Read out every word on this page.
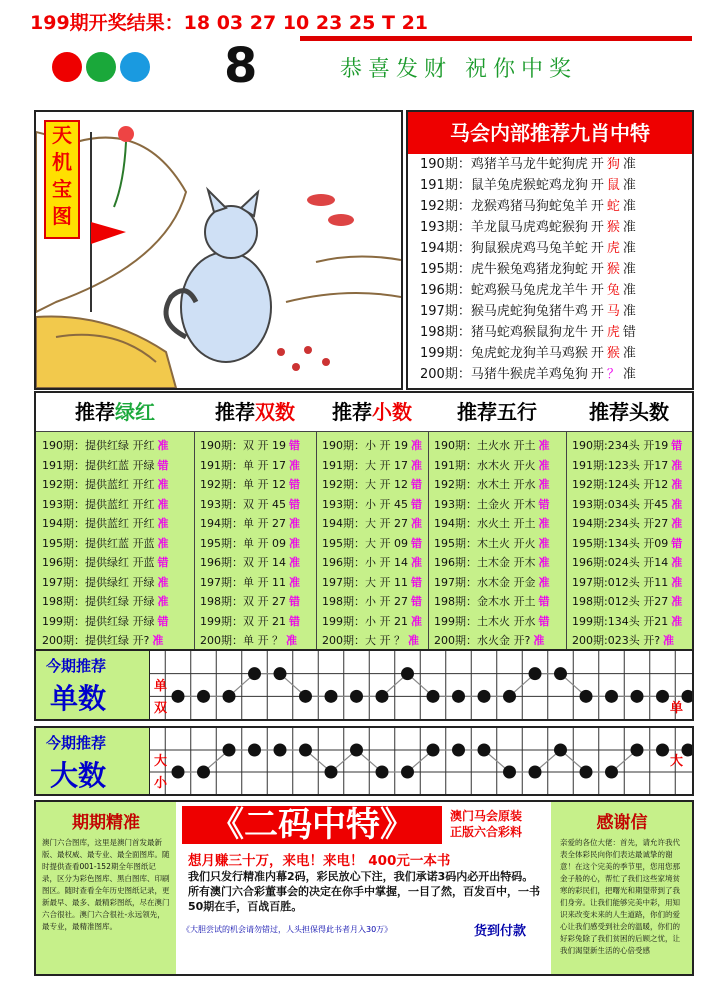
199期开奖结果：18 03 27 10 23 25 T 21
8	恭喜发财 祝你中奖
天机宝图
马会内部推荐九肖中特
190期：鸡猪羊马龙牛蛇狗虎 开 狗 准
191期：鼠羊兔虎猴蛇鸡龙狗 开 鼠 准
192期：龙猴鸡猪马狗蛇兔羊 开 蛇 准
193期：羊龙鼠马虎鸡蛇猴狗 开 猴 准
194期：狗鼠猴虎鸡马兔羊蛇 开 虎 准
195期：虎牛猴兔鸡猪龙狗蛇 开 猴 准
196期：蛇鸡猴马兔虎龙羊牛 开 兔 准
197期：猴马虎蛇狗兔猪牛鸡 开 马 准
198期：猪马蛇鸡猴鼠狗龙牛 开 虎 错
199期：兔虎蛇龙狗羊马鸡猴 开 猴 准
200期：马猪牛猴虎羊鸡兔狗 开 ？ 准
推荐绿红
190期：提供红绿 开红 准
191期：提供红蓝 开绿 错
192期：提供蓝红 开红 准
193期：提供蓝红 开红 准
194期：提供蓝红 开红 准
195期：提供红蓝 开蓝 准
196期：提供绿红 开蓝 错
197期：提供绿红 开绿 准
198期：提供红绿 开绿 准
199期：提供红绿 开绿 错
200期：提供红绿 开? 准
推荐双数
190期：双 开 19 错
191期：单 开 17 准
192期：单 开 12 错
193期：双 开 45 错
194期：单 开 27 准
195期：单 开 09 准
196期：双 开 14 准
197期：单 开 11 准
198期：双 开 27 错
199期：双 开 21 错
200期：单 开 ？ 准
推荐小数
190期：小 开 19 准
191期：大 开 17 准
192期：大 开 12 错
193期：小 开 45 错
194期：大 开 27 准
195期：大 开 09 错
196期：小 开 14 准
197期：大 开 11 错
198期：小 开 27 错
199期：小 开 21 准
200期：大 开 ？ 准
推荐五行
190期：土火水 开土 准
191期：水木火 开火 准
192期：水木土 开水 准
193期：土金火 开木 错
194期：水火土 开土 准
195期：木土火 开火 准
196期：土木金 开木 准
197期：水木金 开金 准
198期：金木水 开土 错
199期：土木火 开水 错
200期：水火金 开? 准
推荐头数
190期:234头 开19 错
191期:123头 开17 准
192期:124头 开12 准
193期:034头 开45 准
194期:234头 开27 准
195期:134头 开09 错
196期:024头 开14 准
197期:012头 开11 准
198期:012头 开27 准
199期:134头 开21 准
200期:023头 开? 准
今期推荐
单数	单
双	单
今期推荐
大数	大
小
大
期期精准
澳门六合图库，这里是澳门首发最新版、最权威、最专业、最全面图库。随时提供查看001-152期全年图纸记录，区分为彩色图库、黑白图库、印刷图区。随时查看全年历史图纸记录，更新最早、最多、最精彩图纸，尽在澳门六合很社。澳门六合很社-永远领先，最专业，最精准图库。
《二码中特》	澳门马会原装
正版六合彩料
想月赚三十万，来电！来电！ 400元一本书
我们只发行精准内幕2码，彩民放心下注，我们承诺3码内必开出特码。所有澳门六合彩董事会的决定在你手中掌握，一目了然，百发百中，一书50期在手，百战百胜。
《大胆尝试的机会请勿错过，人头担保得此书者月入30万》	货到付款
感谢信
亲爱的各位大佬：首先，请允许我代表全体彩民向你们表达最诚挚的谢意！在这个完美的季节里，您用您那金子般的心，帮忙了我们这些家境贫寒的彩民们，把曙光和期望带到了我们身旁。让我们能够完美中彩，用知识来改变未来的人生道路，你们的爱心让我们感受到社会的温暖，你们的好彩兔除了我们贫困的后顾之忧，让我们渴望新生活的心倍受感
